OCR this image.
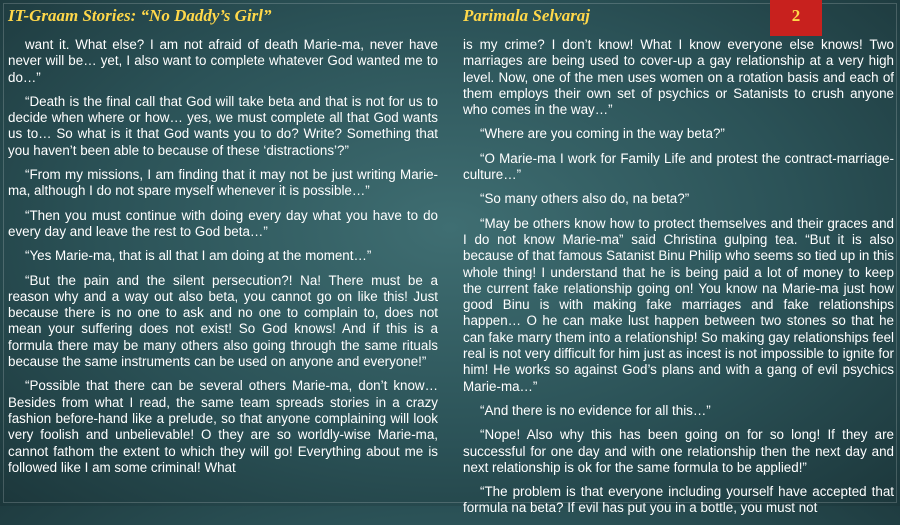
2
IT-Graam Stories: “No Daddy’s Girl”	Parimala Selvaraj

want it. What else? I am not afraid of death Marie-ma, never have never will be… yet, I also want to complete whatever God wanted me to do…”

“Death is the final call that God will take beta and that is not for us to decide when where or how… yes, we must complete all that God wants us to… So what is it that God wants you to do? Write? Something that you haven’t been able to because of these ‘distractions’?”

“From my missions, I am finding that it may not be just writing Marie-ma, although I do not spare myself whenever it is possible…”

“Then you must continue with doing every day what you have to do every day and leave the rest to God beta…”

“Yes Marie-ma, that is all that I am doing at the moment…”

“But the pain and the silent persecution?! Na! There must be a reason why and a way out also beta, you cannot go on like this! Just because there is no one to ask and no one to complain to, does not mean your suffering does not exist! So God knows! And if this is a formula there may be many others also going through the same rituals because the same instruments can be used on anyone and everyone!”

“Possible that there can be several others Marie-ma, don’t know… Besides from what I read, the same team spreads stories in a crazy fashion before-hand like a prelude, so that anyone complaining will look very foolish and unbelievable! O they are so worldly-wise Marie-ma, cannot fathom the extent to which they will go! Everything about me is followed like I am some criminal! What

is my crime? I don’t know! What I know everyone else knows! Two marriages are being used to cover-up a gay relationship at a very high level. Now, one of the men uses women on a rotation basis and each of them employs their own set of psychics or Satanists to crush anyone who comes in the way…”

“Where are you coming in the way beta?”

“O Marie-ma I work for Family Life and protest the contract-marriage-culture…”

“So many others also do, na beta?”

“May be others know how to protect themselves and their graces and I do not know Marie-ma” said Christina gulping tea. “But it is also because of that famous Satanist Binu Philip who seems so tied up in this whole thing! I understand that he is being paid a lot of money to keep the current fake relationship going on! You know na Marie-ma just how good Binu is with making fake marriages and fake relationships happen… O he can make lust happen between two stones so that he can fake marry them into a relationship! So making gay relationships feel real is not very difficult for him just as incest is not impossible to ignite for him! He works so against God’s plans and with a gang of evil psychics Marie-ma…”

“And there is no evidence for all this…”

“Nope! Also why this has been going on for so long! If they are successful for one day and with one relationship then the next day and next relationship is ok for the same formula to be applied!”

“The problem is that everyone including yourself have accepted that formula na beta? If evil has put you in a bottle, you must not
